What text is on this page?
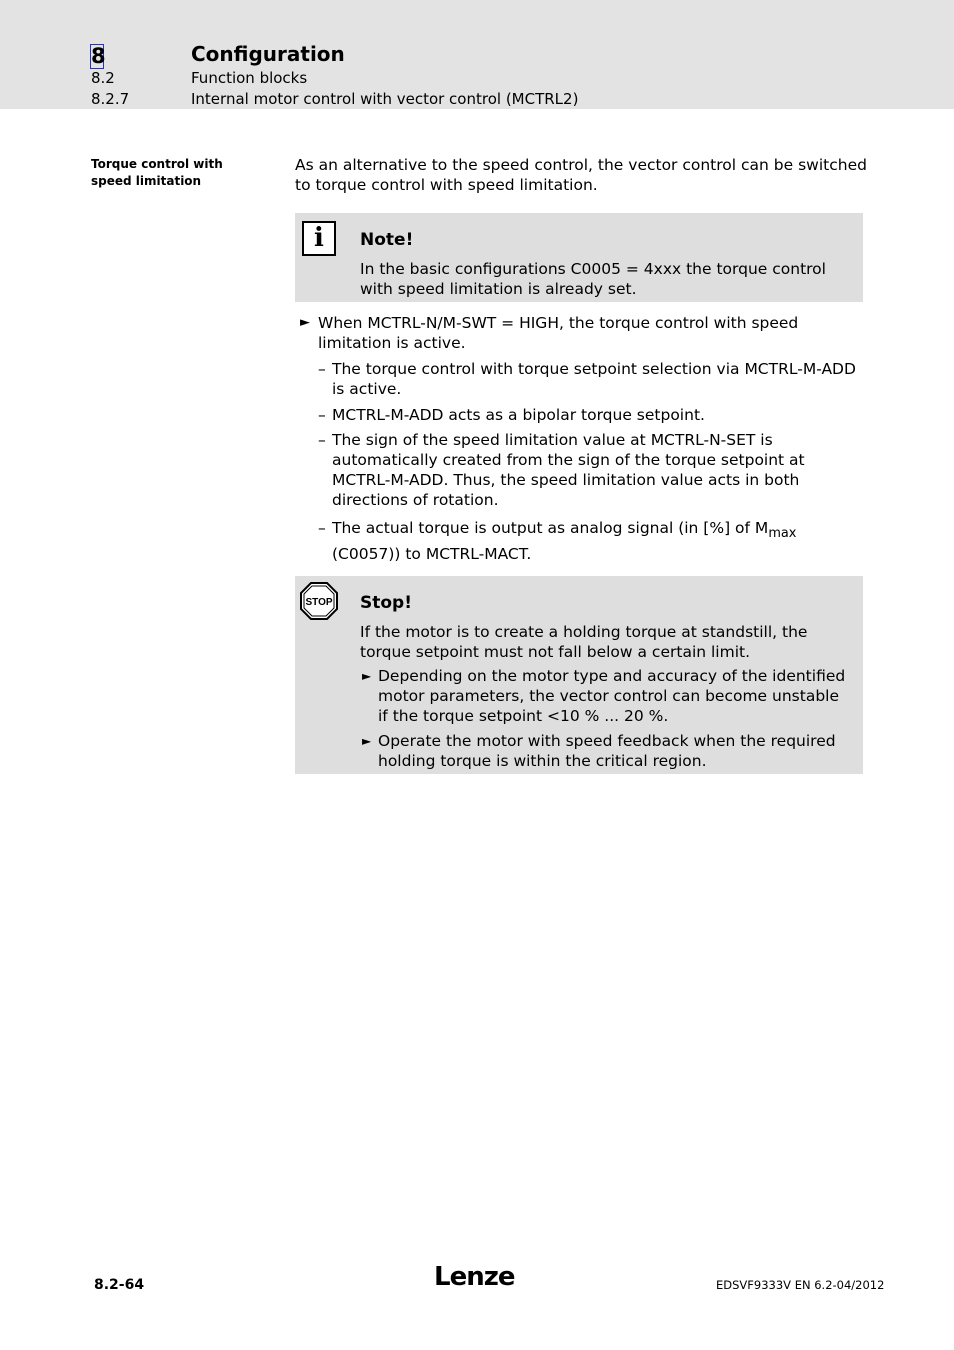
8	Configuration
8.2	Function blocks
8.2.7	Internal motor control with vector control (MCTRL2)
Torque control with speed limitation
As an alternative to the speed control, the vector control can be switched to torque control with speed limitation.
i	Note!
In the basic configurations C0005 = 4xxx the torque control with speed limitation is already set.
► When MCTRL-N/M-SWT = HIGH, the torque control with speed limitation is active.
– The torque control with torque setpoint selection via MCTRL-M-ADD is active.
– MCTRL-M-ADD acts as a bipolar torque setpoint.
– The sign of the speed limitation value at MCTRL-N-SET is automatically created from the sign of the torque setpoint at MCTRL-M-ADD. Thus, the speed limitation value acts in both directions of rotation.
– The actual torque is output as analog signal (in [%] of $M_{max}$ (C0057)) to MCTRL-MACT.
STOP Stop!
If the motor is to create a holding torque at standstill, the torque setpoint must not fall below a certain limit.
► Depending on the motor type and accuracy of the identified motor parameters, the vector control can become unstable if the torque setpoint <10 % ... 20 %.
► Operate the motor with speed feedback when the required holding torque is within the critical region.
8.2-64	Lenze	EDSVF9333V EN 6.2-04/2012
